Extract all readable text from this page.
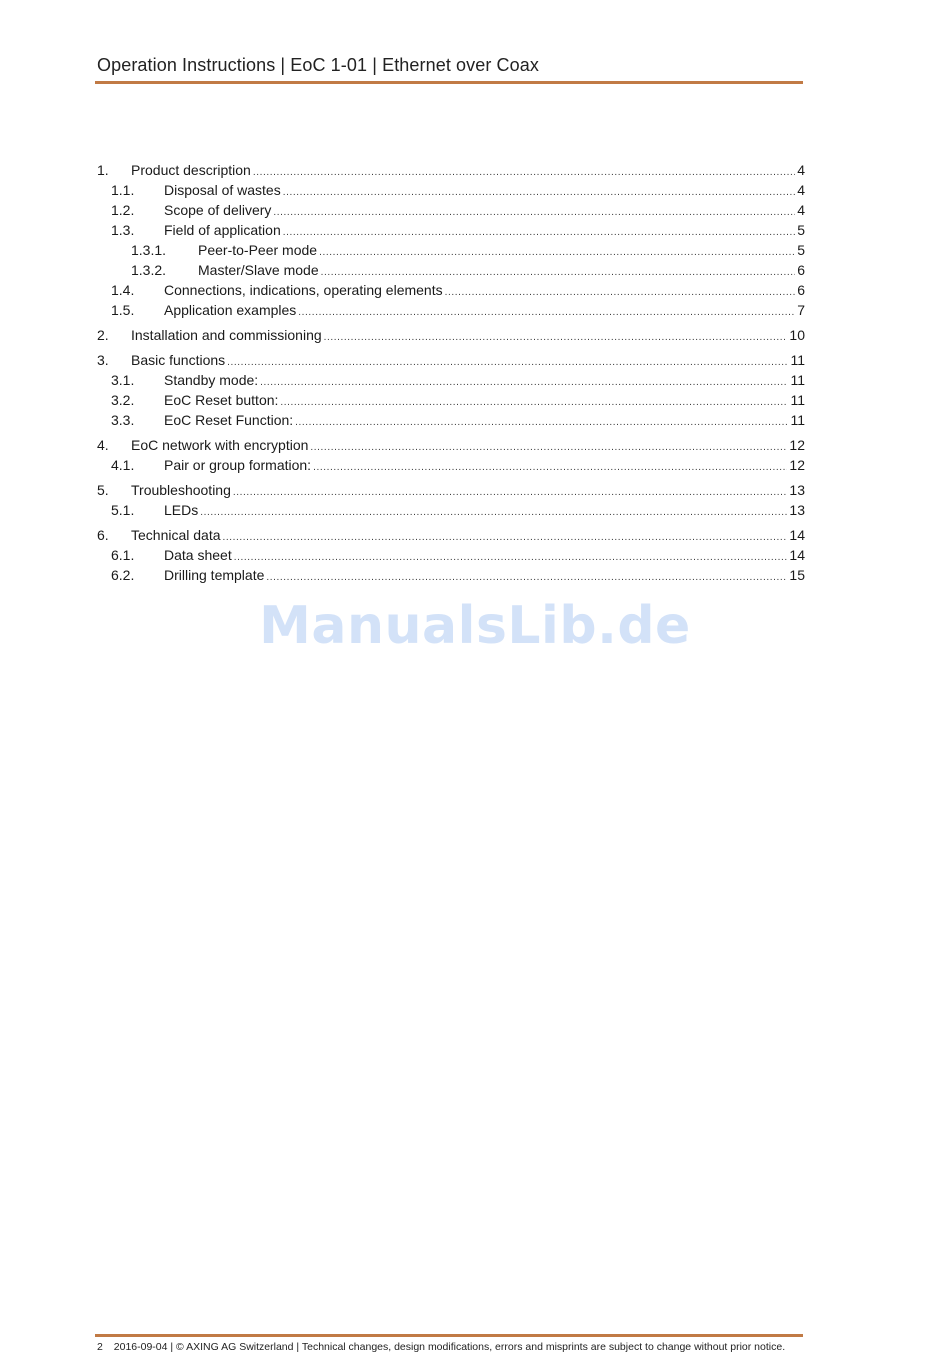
Operation Instructions | EoC 1-01 | Ethernet over Coax
1.	Product description .....	4
1.1.	Disposal of wastes .....	4
1.2.	Scope of delivery .....	4
1.3.	Field of application .....	5
1.3.1.	Peer-to-Peer mode .....	5
1.3.2.	Master/Slave mode .....	6
1.4.	Connections, indications, operating elements .....	6
1.5.	Application examples .....	7
2.	Installation and commissioning .....	10
3.	Basic functions .....	11
3.1.	Standby mode: .....	11
3.2.	EoC Reset button: .....	11
3.3.	EoC Reset Function: .....	11
4.	EoC network with encryption .....	12
4.1.	Pair or group formation: .....	12
5.	Troubleshooting .....	13
5.1.	LEDs .....	13
6.	Technical data .....	14
6.1.	Data sheet .....	14
6.2.	Drilling template .....	15
ManualsLib.de
2 2016-09-04 | © AXING AG Switzerland | Technical changes, design modifications, errors and misprints are subject to change without prior notice.
